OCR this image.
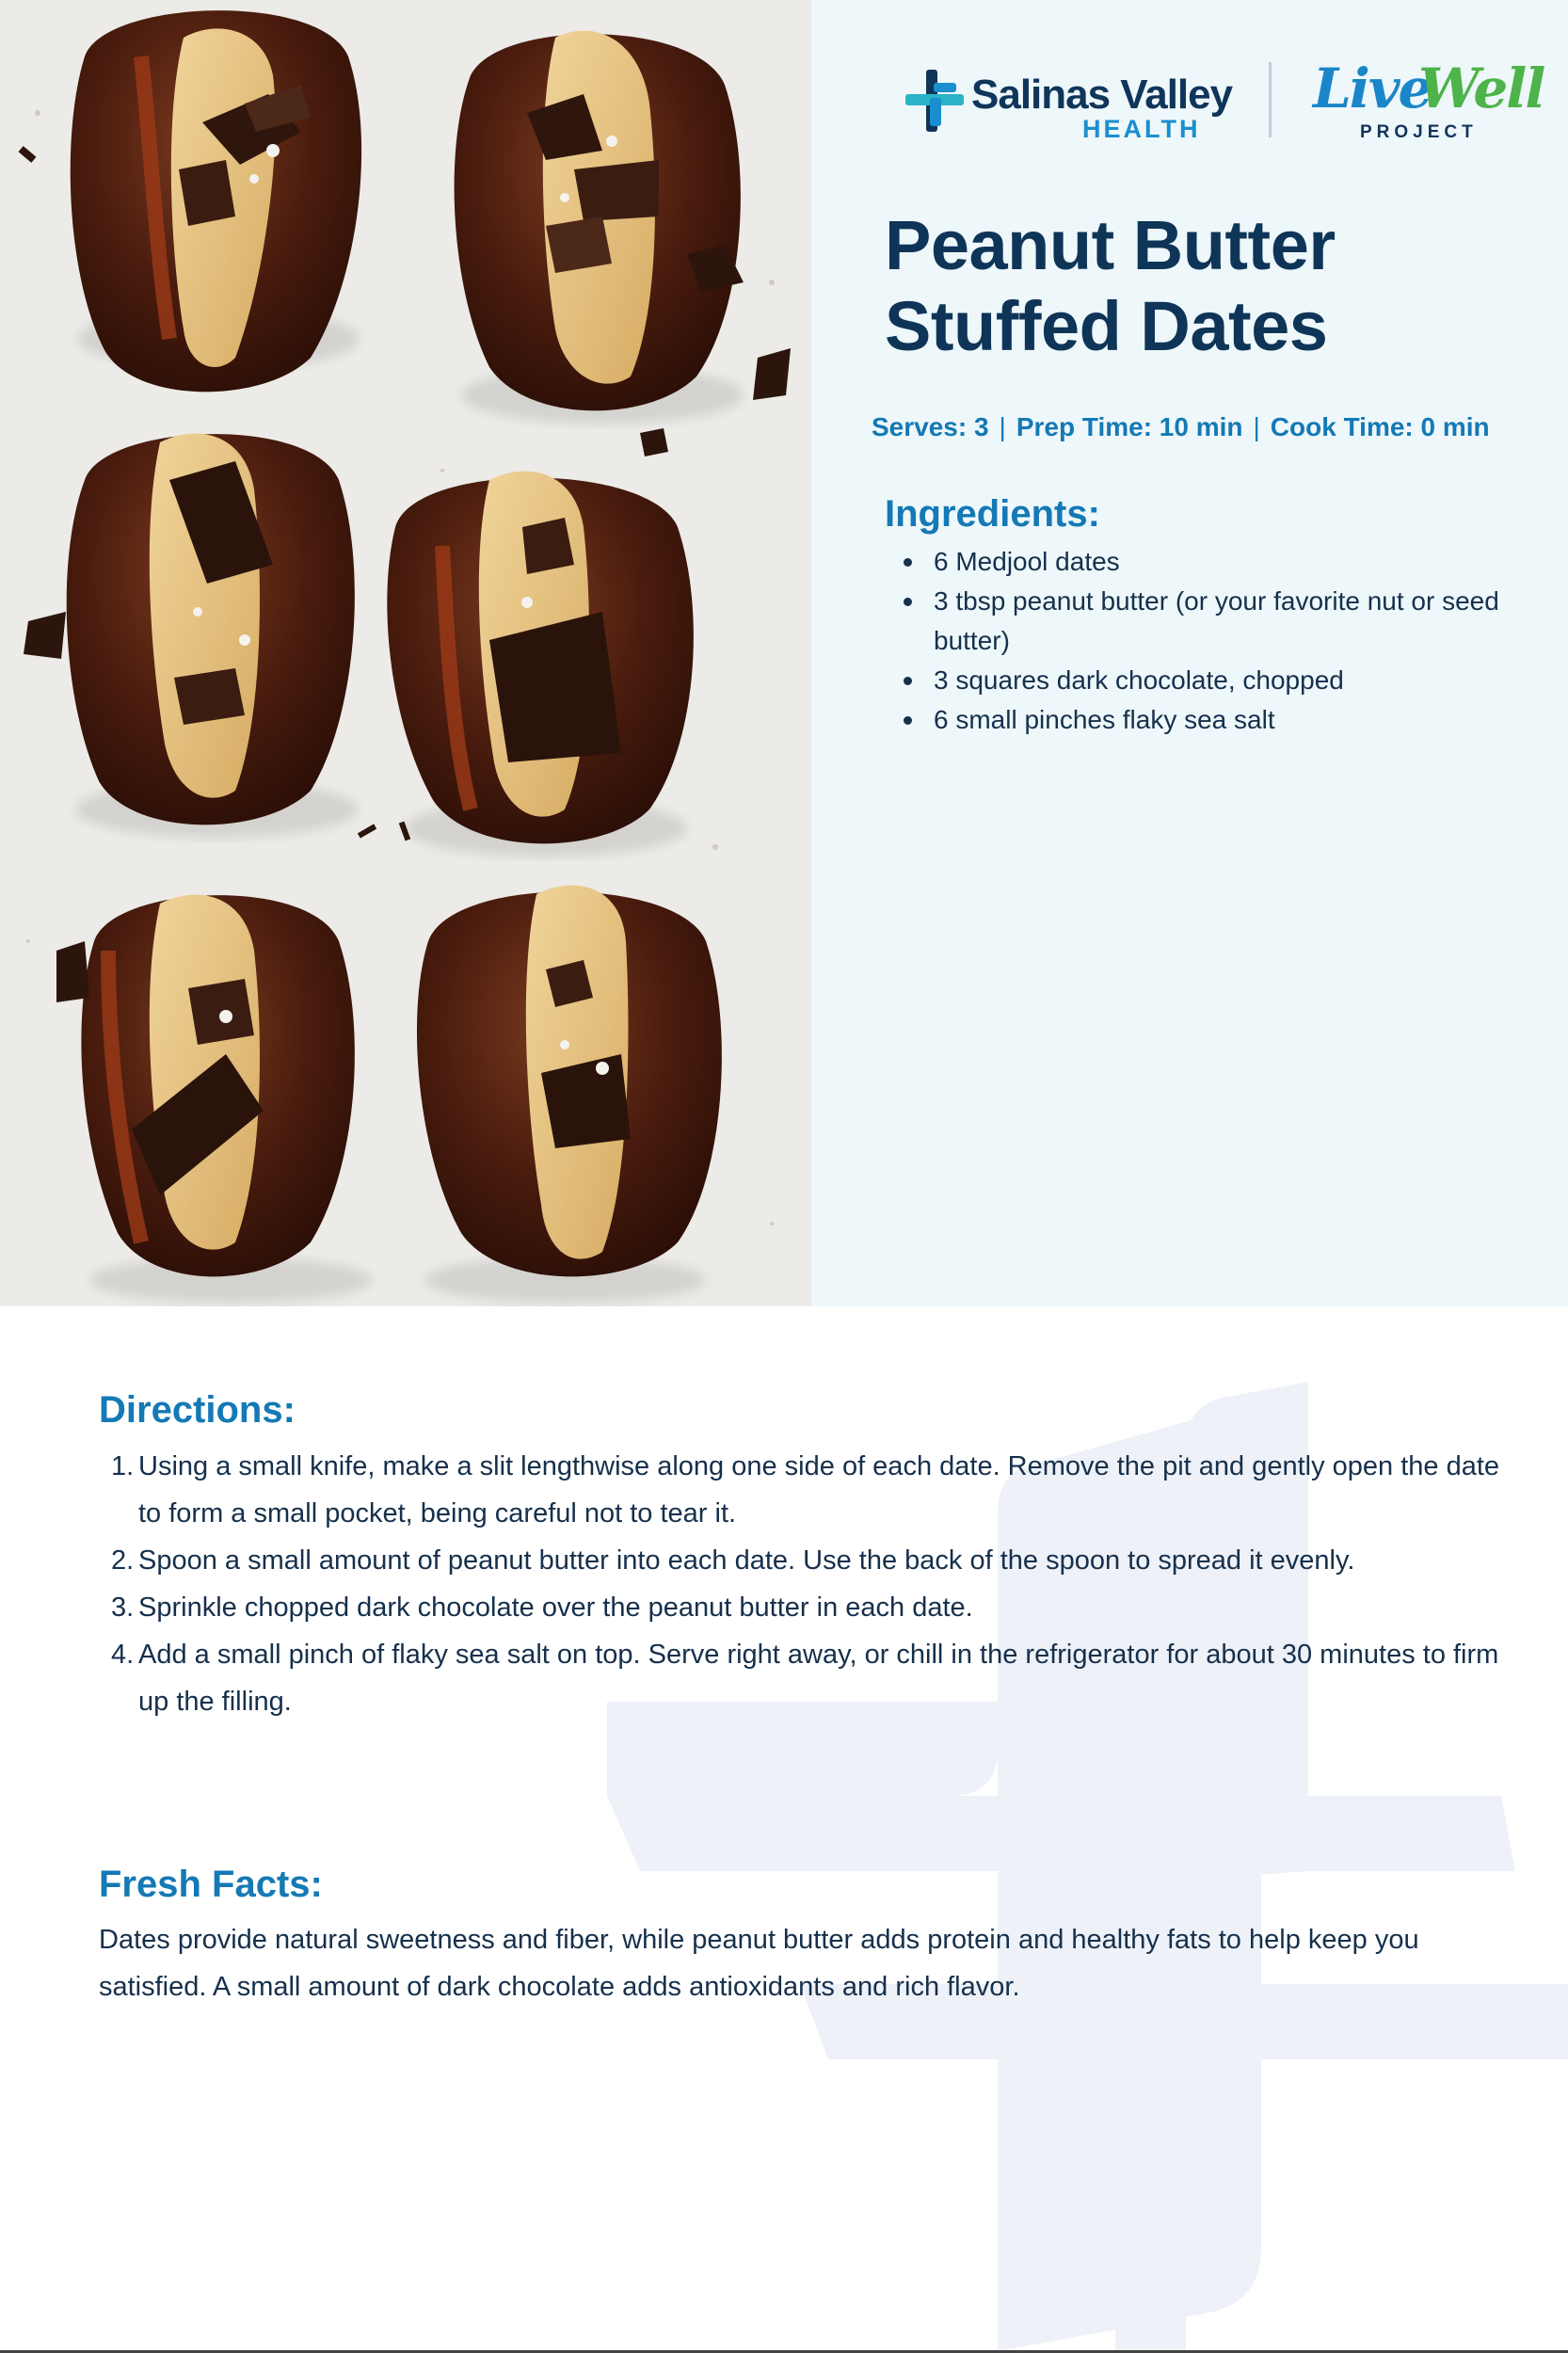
Salinas Valley
HEALTH
Live
Well
PROJECT
Peanut Butter
Stuffed Dates
Serves: 3 | Prep Time: 10 min | Cook Time: 0 min
Ingredients:
6 Medjool dates
3 tbsp peanut butter (or your favorite nut or seed butter)
3 squares dark chocolate, chopped
6 small pinches flaky sea salt
Directions:
1. Using a small knife, make a slit lengthwise along one side of each date. Remove the pit and gently open the date to form a small pocket, being careful not to tear it.
2. Spoon a small amount of peanut butter into each date. Use the back of the spoon to spread it evenly.
3. Sprinkle chopped dark chocolate over the peanut butter in each date.
4. Add a small pinch of flaky sea salt on top. Serve right away, or chill in the refrigerator for about 30 minutes to firm up the filling.
Fresh Facts:

Dates provide natural sweetness and fiber, while peanut butter adds protein and healthy fats to help keep you satisfied. A small amount of dark chocolate adds antioxidants and rich flavor.
